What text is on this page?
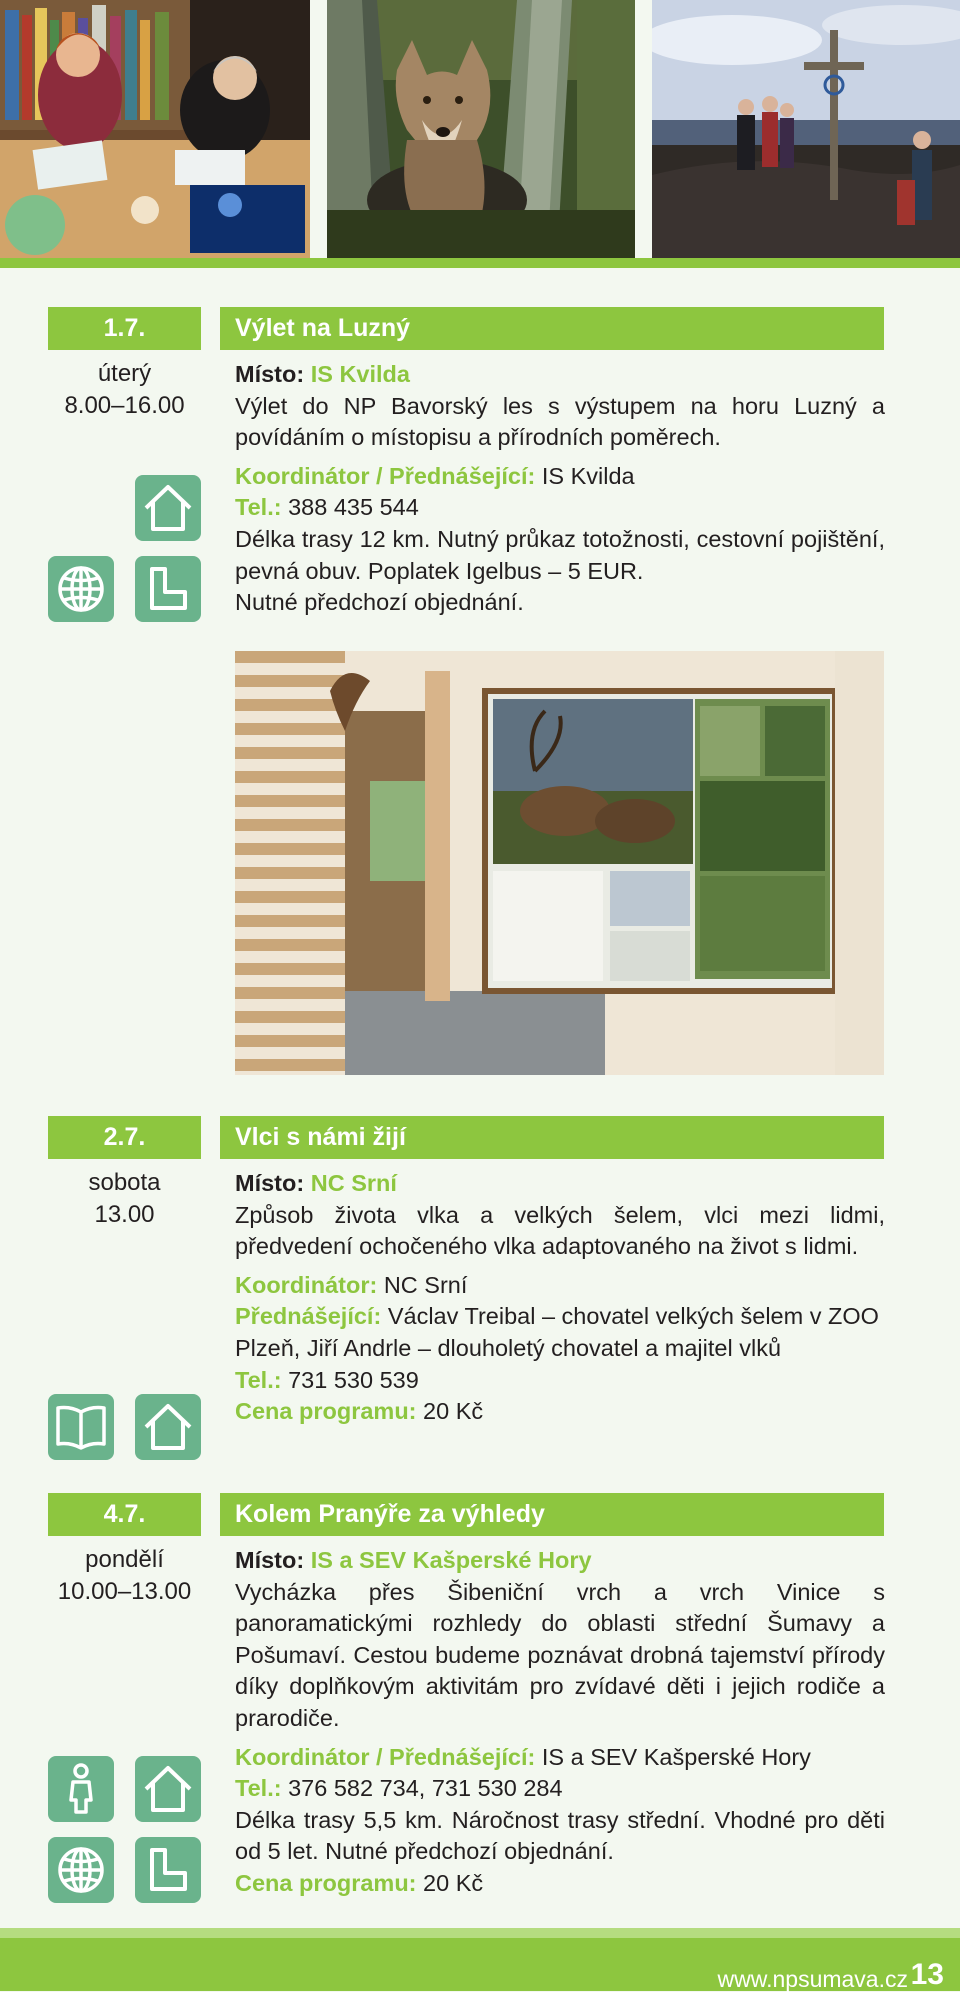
1.7.
úterý
8.00–16.00
Výlet na Luzný

Místo: IS Kvilda

Výlet do NP Bavorský les s výstupem na horu Luzný a povídáním o místopisu a přírodních poměrech.

Koordinátor / Přednášející: IS Kvilda

Tel.: 388 435 544

Délka trasy 12 km. Nutný průkaz totožnosti, cestovní pojištění, pevná obuv. Poplatek Igelbus – 5 EUR.

Nutné předchozí objednání.

2.7.
sobota
13.00
Vlci s námi žijí

Místo: NC Srní

Způsob života vlka a velkých šelem, vlci mezi lidmi, předvedení ochočeného vlka adaptovaného na život s lidmi.

Koordinátor: NC Srní

Přednášející: Václav Treibal – chovatel velkých šelem v ZOO Plzeň, Jiří Andrle – dlouholetý chovatel a majitel vlků

Tel.: 731 530 539

Cena programu: 20 Kč

4.7.
pondělí
10.00–13.00
Kolem Pranýře za výhledy

Místo: IS a SEV Kašperské Hory

Vycházka přes Šibeniční vrch a vrch Vinice s panoramatickými rozhledy do oblasti střední Šumavy a Pošumaví. Cestou budeme poznávat drobná tajemství přírody díky doplňkovým aktivitám pro zvídavé děti i jejich rodiče a prarodiče.

Koordinátor / Přednášející: IS a SEV Kašperské Hory

Tel.: 376 582 734, 731 530 284

Délka trasy 5,5 km. Náročnost trasy střední. Vhodné pro děti od 5 let. Nutné předchozí objednání.

Cena programu: 20 Kč

www.npsumava.cz 13
